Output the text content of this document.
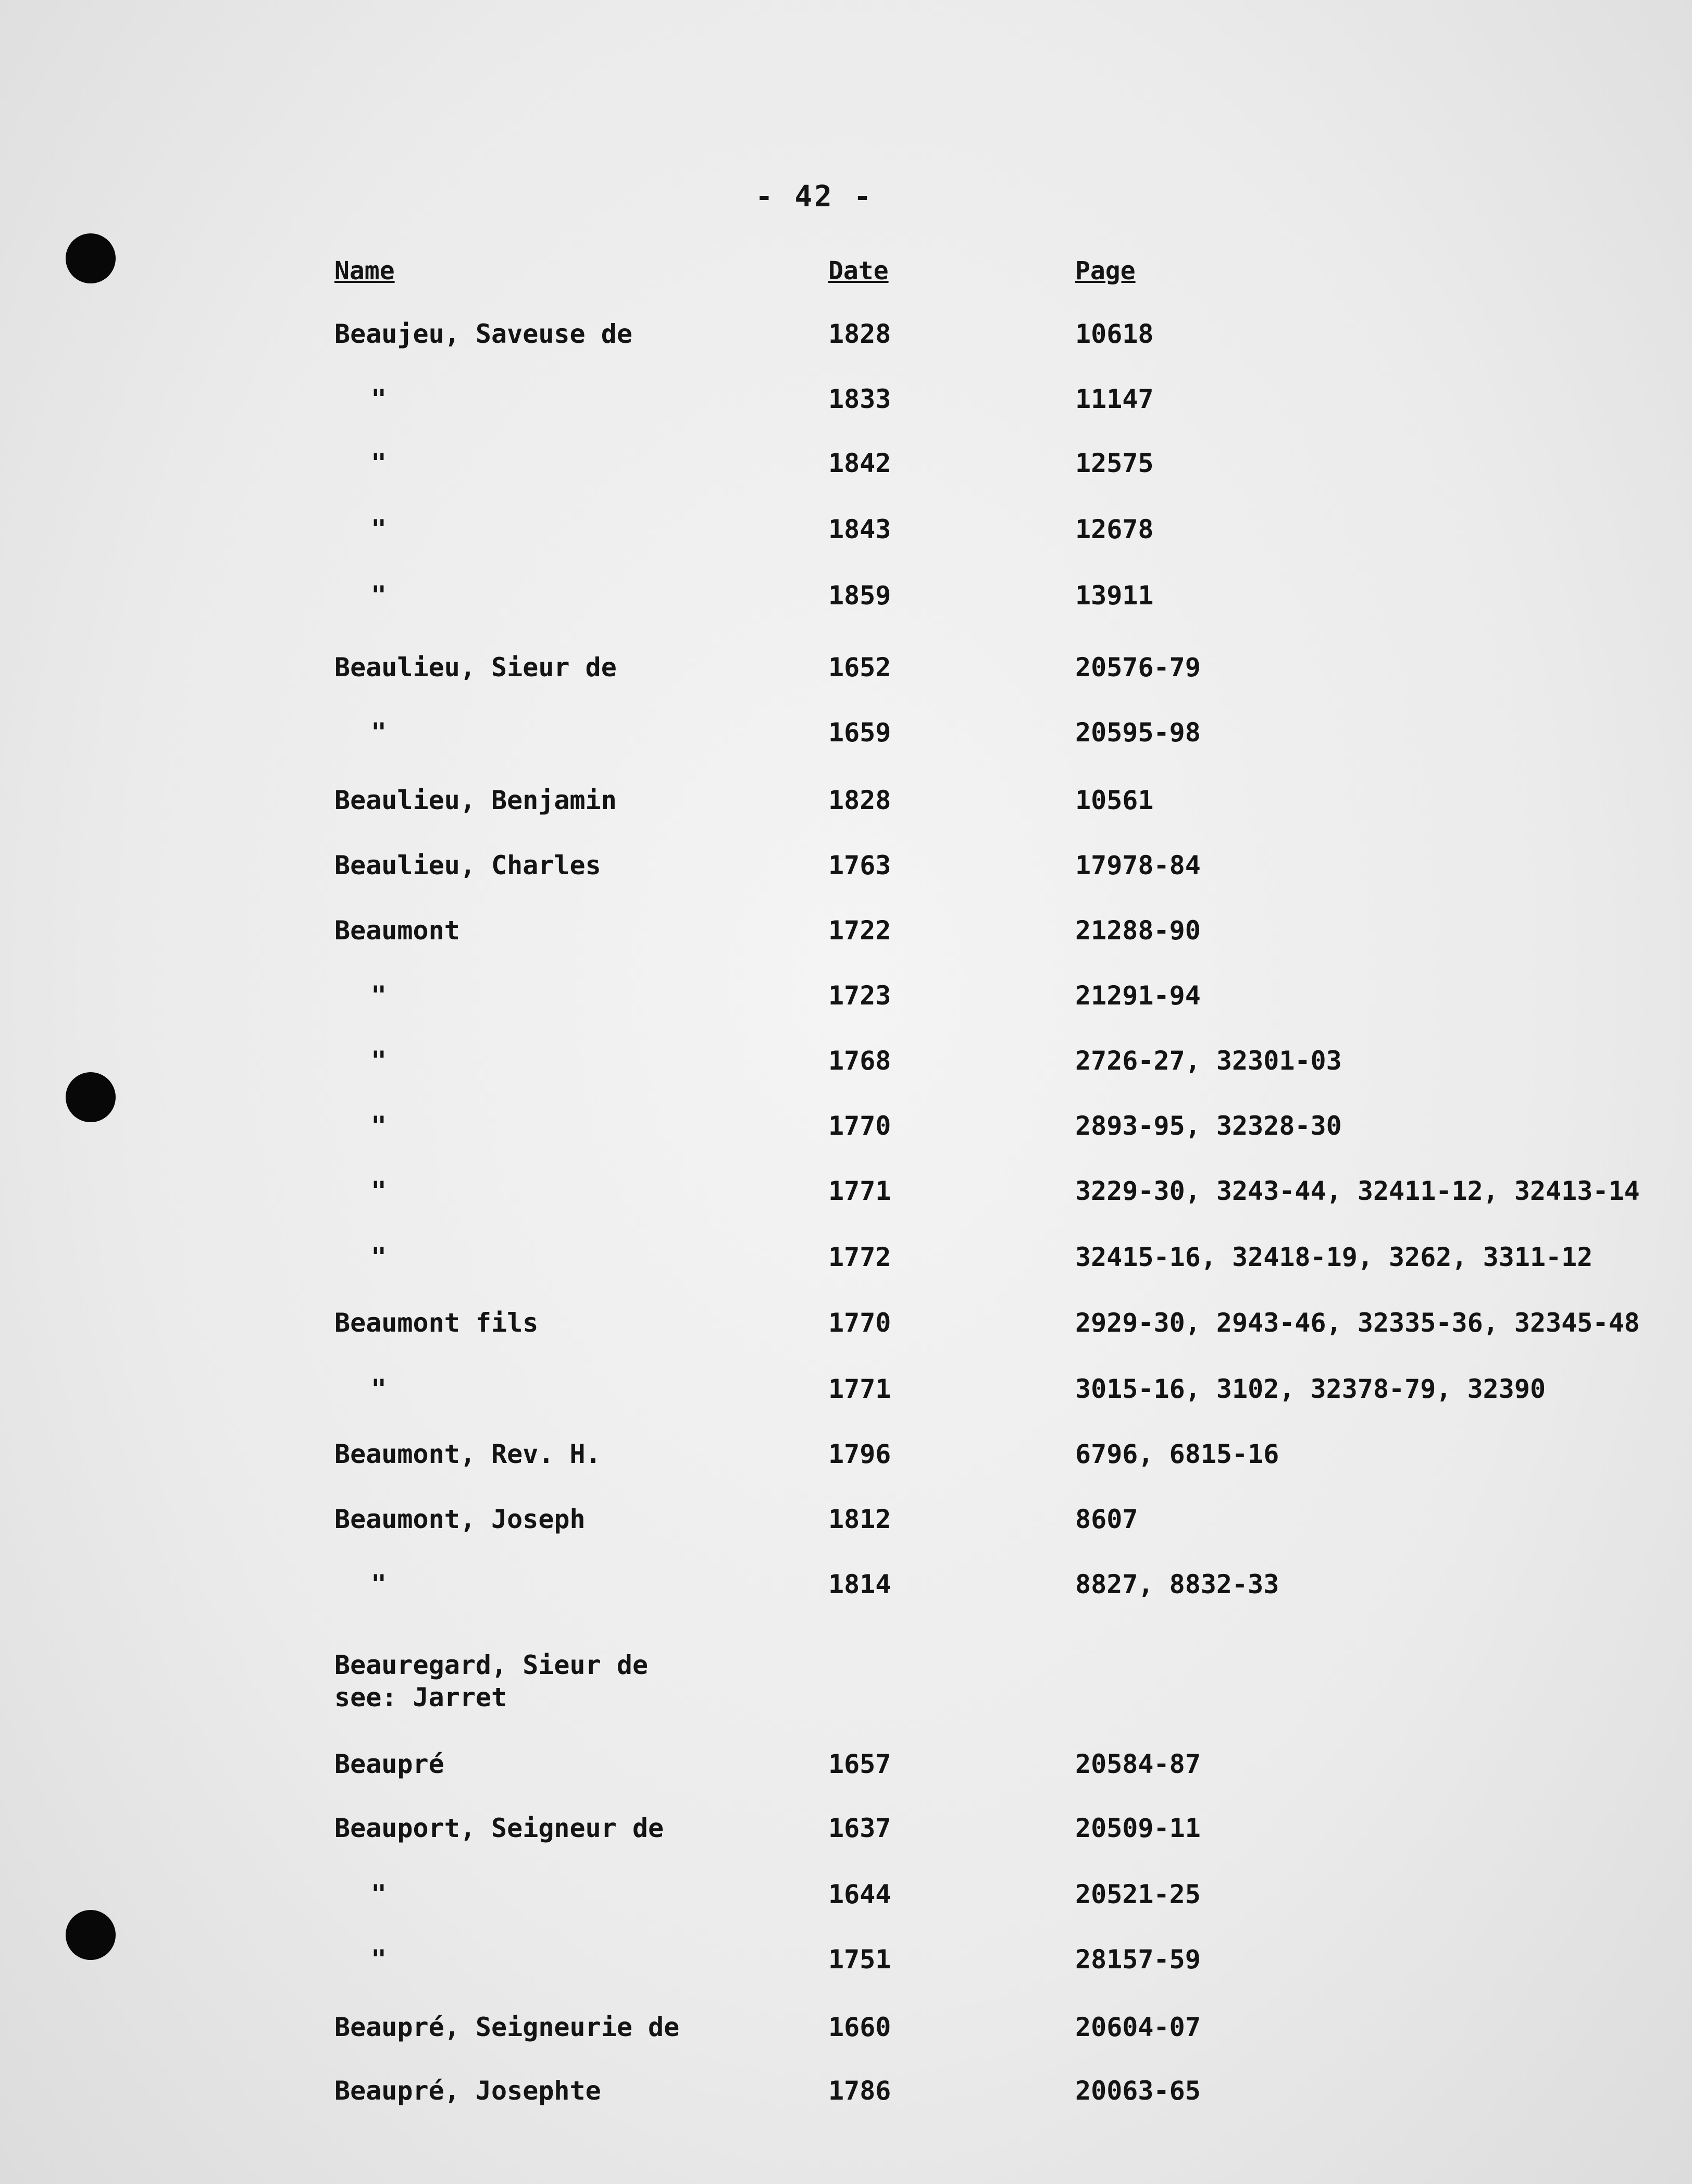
- 42 -
Name	Date	Page
Beaujeu, Saveuse de	1828	10618
"	1833	11147
"	1842	12575
"	1843	12678
"	1859	13911
Beaulieu, Sieur de	1652	20576-79
"	1659	20595-98
Beaulieu, Benjamin	1828	10561
Beaulieu, Charles	1763	17978-84
Beaumont	1722	21288-90
"	1723	21291-94
"	1768	2726-27, 32301-03
"	1770	2893-95, 32328-30
"	1771	3229-30, 3243-44, 32411-12, 32413-14
"	1772	32415-16, 32418-19, 3262, 3311-12
Beaumont fils	1770	2929-30, 2943-46, 32335-36, 32345-48
"	1771	3015-16, 3102, 32378-79, 32390
Beaumont, Rev. H.	1796	6796, 6815-16
Beaumont, Joseph	1812	8607
"	1814	8827, 8832-33
Beauregard, Sieur de
see: Jarret
Beaupré	1657	20584-87
Beauport, Seigneur de	1637	20509-11
"	1644	20521-25
"	1751	28157-59
Beaupré, Seigneurie de	1660	20604-07
Beaupré, Josephte	1786	20063-65
